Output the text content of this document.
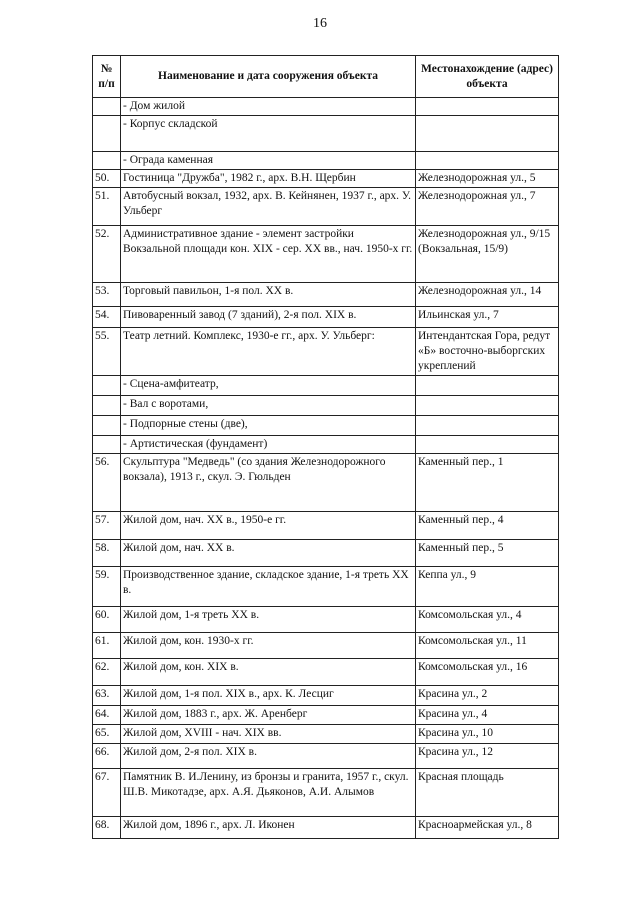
16
№ п/п	Наименование и дата сооружения объекта	Местонахождение (адрес) объекта
	- Дом жилой	
	- Корпус складской	
	- Ограда каменная	
50.	Гостиница "Дружба", 1982 г., арх. В.Н. Щербин	Железнодорожная ул., 5
51.	Автобусный вокзал, 1932, арх. В. Кейнянен, 1937 г., арх. У. Ульберг	Железнодорожная ул., 7
52.	Административное здание - элемент застройки Вокзальной площади кон. XIX - сер. XX вв., нач. 1950-х гг.	Железнодорожная ул., 9/15 (Вокзальная, 15/9)
53.	Торговый павильон, 1-я пол. XX в.	Железнодорожная ул., 14
54.	Пивоваренный завод (7 зданий), 2-я пол. XIX в.	Ильинская ул., 7
55.	Театр летний. Комплекс, 1930-е гг., арх. У. Ульберг:	Интендантская Гора, редут «Б» восточно-выборгских укреплений
	- Сцена-амфитеатр,	
	- Вал с воротами,	
	- Подпорные стены (две),	
	- Артистическая (фундамент)	
56.	Скульптура "Медведь" (со здания Железнодорожного вокзала), 1913 г., скул. Э. Гюльден	Каменный пер., 1
57.	Жилой дом, нач. XX в., 1950-е гг.	Каменный пер., 4
58.	Жилой дом, нач. XX в.	Каменный пер., 5
59.	Производственное здание, складское здание, 1-я треть XX в.	Кеппа ул., 9
60.	Жилой дом, 1-я треть XX в.	Комсомольская ул., 4
61.	Жилой дом, кон. 1930-х гг.	Комсомольская ул., 11
62.	Жилой дом, кон. XIX в.	Комсомольская ул., 16
63.	Жилой дом, 1-я пол. XIX в., арх. К. Лесциг	Красина ул., 2
64.	Жилой дом, 1883 г., арх. Ж. Аренберг	Красина ул., 4
65.	Жилой дом, XVIII - нач. XIX вв.	Красина ул., 10
66.	Жилой дом, 2-я пол. XIX в.	Красина ул., 12
67.	Памятник В. И.Ленину, из бронзы и гранита, 1957 г., скул. Ш.В. Микотадзе, арх. А.Я. Дьяконов, А.И. Алымов	Красная площадь
68.	Жилой дом, 1896 г., арх. Л. Иконен	Красноармейская ул., 8
